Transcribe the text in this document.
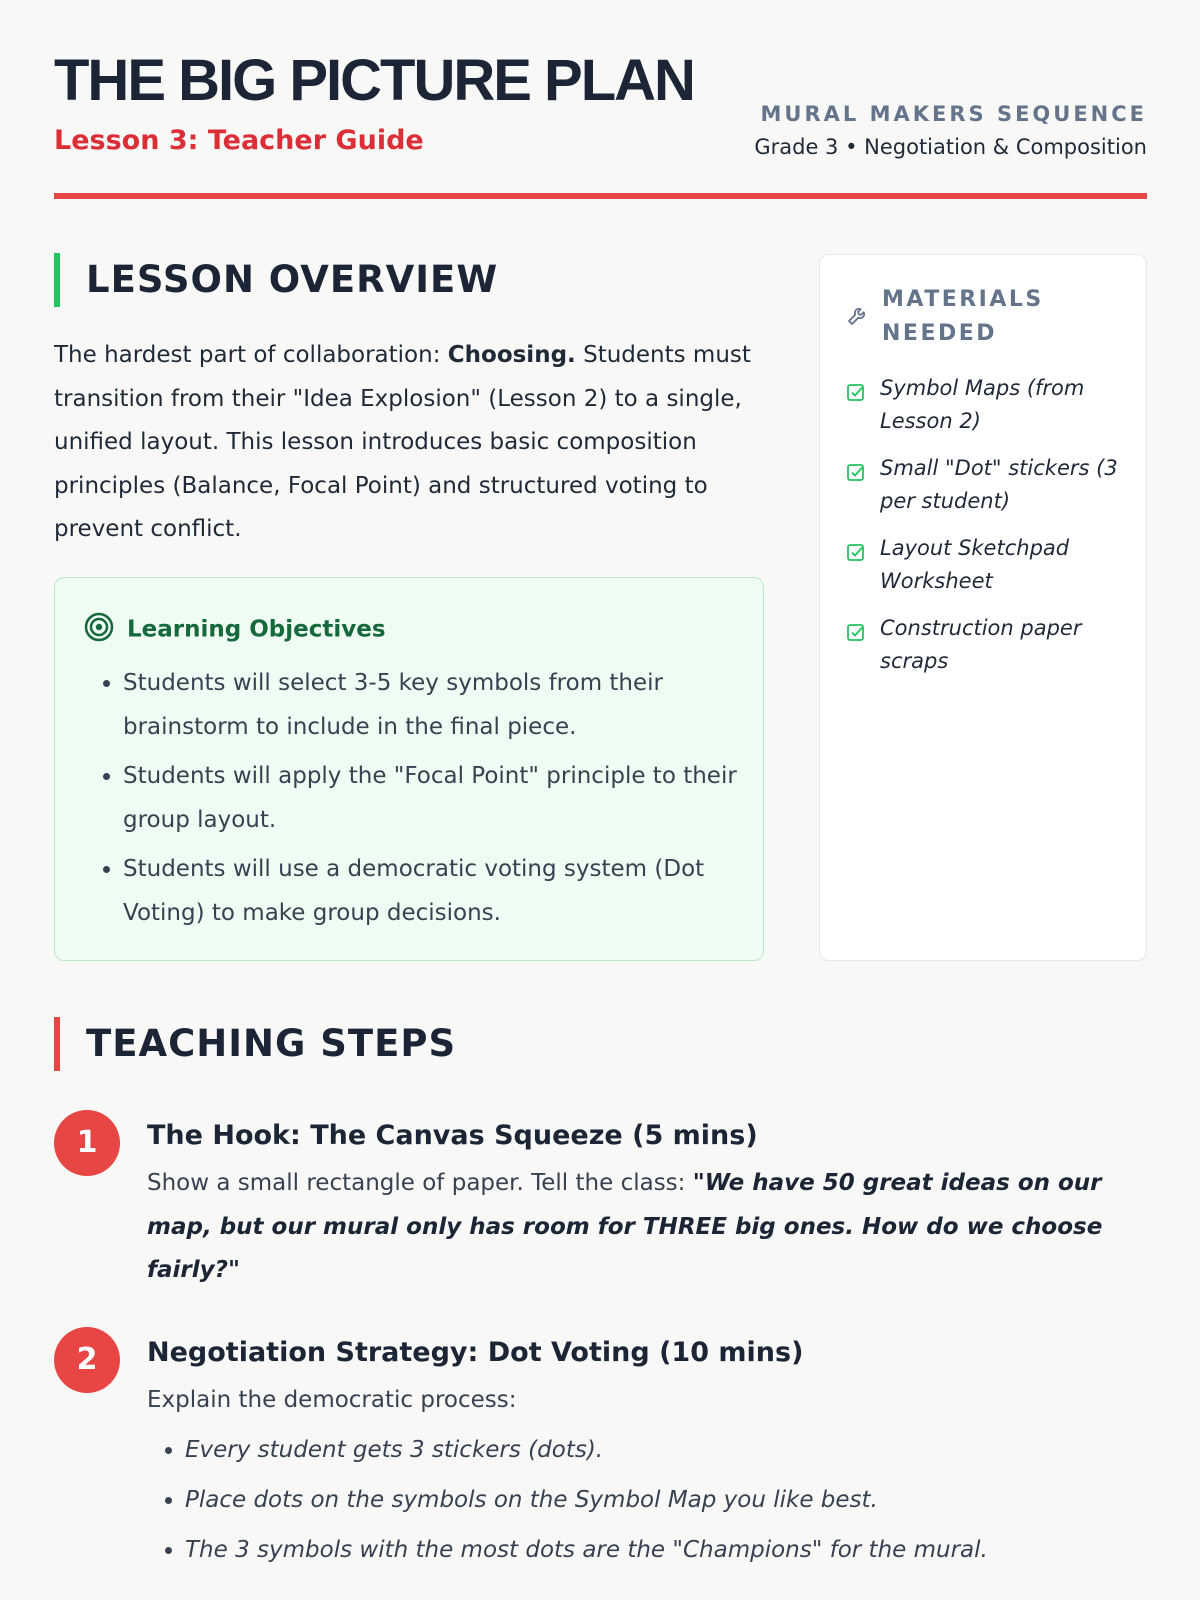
THE BIG PICTURE PLAN
Lesson 3: Teacher Guide
MURAL MAKERS SEQUENCE
Grade 3 • Negotiation & Composition
LESSON OVERVIEW
The hardest part of collaboration: Choosing. Students must transition from their "Idea Explosion" (Lesson 2) to a single, unified layout. This lesson introduces basic composition principles (Balance, Focal Point) and structured voting to prevent conflict.
Learning Objectives
• Students will select 3-5 key symbols from their brainstorm to include in the final piece.
• Students will apply the "Focal Point" principle to their group layout.
• Students will use a democratic voting system (Dot Voting) to make group decisions.
MATERIALS NEEDED
Symbol Maps (from Lesson 2)
Small "Dot" stickers (3 per student)
Layout Sketchpad Worksheet
Construction paper scraps
TEACHING STEPS
1	The Hook: The Canvas Squeeze (5 mins)
Show a small rectangle of paper. Tell the class: "We have 50 great ideas on our map, but our mural only has room for THREE big ones. How do we choose fairly?"
2	Negotiation Strategy: Dot Voting (10 mins)
Explain the democratic process:
• Every student gets 3 stickers (dots).
• Place dots on the symbols on the Symbol Map you like best.
• The 3 symbols with the most dots are the "Champions" for the mural.
